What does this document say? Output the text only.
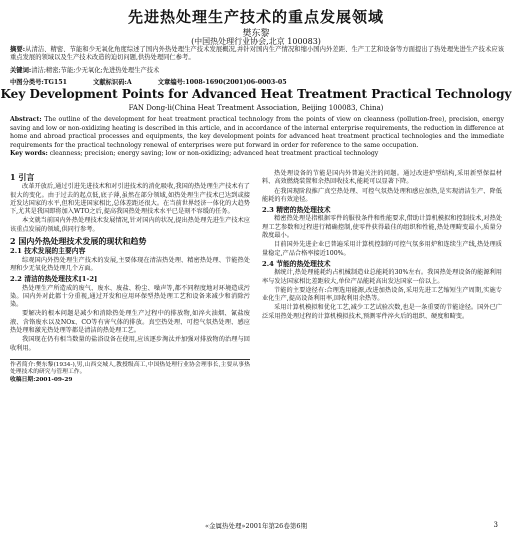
先进热处理生产技术的重点发展领域
樊东黎
(中国热处理行业协会,北京 100083)
摘要:从清洁、精密、节能和少无氧化角度综述了国内外热处理生产技术发展概况,并针对国内生产情况和缩小国内外差距、生产工艺和设备等方面提出了热处理先进生产技术应该重点发展的领域以及生产技术改造的迫切问题,供热处理同仁参考。
关键词:清洁;精密;节能;少无氧化;先进热处理生产技术
中图分类号:TG151	文献标识码:A	文章编号:1008-1690(2001)06-0003-05
Key Development Points for Advanced Heat Treatment Practical Technology
FAN Dong-li(China Heat Treatment Association, Beijing 100083, China)
Abstract: The outline of the development for heat treatment practical technology from the points of view on cleanness (pollution-free), precision, energy saving and low or non-oxidizing heating is described in this article, and in accordance of the internal enterprise requirements, the reduction in difference at home and abroad practical processes and equipments, the key development points for advanced heat treatment practical technologies and the immediate requirements for the practical technology renewal of enterprises were put forward in order for reference to the same occupation.
Key words: cleanness; precision; energy saving; low or non-oxidizing; advanced heat treatment practical technology
1 引言

改革开放后,通过引进先进技术和对引进技术的消化吸收,我国的热处理生产技术有了很大的变化。由于过去的起点低,底子薄,虽然在部分领域,如热处理生产技术已达到或接近发达国家的水平,但和先进国家相比,总体差距还很大。在当前世界经济一体化的大趋势下,尤其是我国即将加入WTO之后,提高我国热处理技术水平已是刻不容缓的任务。

本文就当前国内外热处理技术发展情况,针对国内的状况,提出热处理先进生产技术应该重点发展的领域,供同行参考。

2 国内外热处理技术发展的现状和趋势
2.1 技术发展的主要内容

综观国内外热处理生产技术的发展,主要体现在清洁热处理、精密热处理、节能热处理和少无氧化热处理几个方面。

2.2 清洁的热处理技术[1-2]

热处理生产所造成的废气、废水、废盐、粉尘、噪声等,都不同程度地对环境造成污染。国内外对此都十分重视,通过开发和应用环保型热处理工艺和设备来减少和消除污染。

要解决的根本问题是减少和消除热处理生产过程中的排放物,如淬火油烟、氰盐废液、含铬废水以及NOx、CO等有害气体的排放。真空热处理、可控气氛热处理、感应热处理和激光热处理等都是清洁的热处理工艺。

我国现在仍有相当数量的盐浴设备在使用,应该逐步淘汰并加强对排放物的治理与回收利用。

作者简介:樊东黎(1934-),男,山西交城人,教授级高工,中国热处理行业协会理事长,主要从事热处理技术的研究与管理工作。
收稿日期:2001-09-29

热处理设备的节能是国内外普遍关注的问题。通过改进炉型结构,采用新型保温材料、高效燃烧装置和余热回收技术,能耗可以显著下降。

在我国现阶段推广真空热处理、可控气氛热处理和感应加热,是实现清洁生产、降低能耗的有效途径。

2.3 精密的热处理技术

精密热处理是指根据零件的服役条件和性能要求,借助计算机模拟和控制技术,对热处理工艺参数和过程进行精确控制,使零件获得最佳的组织和性能,热处理畸变最小,质量分散度最小。

目前国外先进企业已普遍采用计算机控制的可控气氛多用炉和连续生产线,热处理质量稳定,产品合格率接近100%。

2.4 节能的热处理技术

据统计,热处理能耗约占机械制造业总能耗的30%左右。我国热处理设备的能源利用率与发达国家相比差距较大,单位产品能耗高出发达国家一倍以上。

节能的主要途径有:合理选用能源,改进加热设备,采用先进工艺缩短生产周期,实施专业化生产,提高设备利用率,回收利用余热等。

采用计算机模拟和优化工艺,减少工艺试验次数,也是一条重要的节能途径。国外已广泛采用热处理过程的计算机模拟技术,预测零件淬火后的组织、硬度和畸变。

«金属热处理»2001年第26卷第6期	3
